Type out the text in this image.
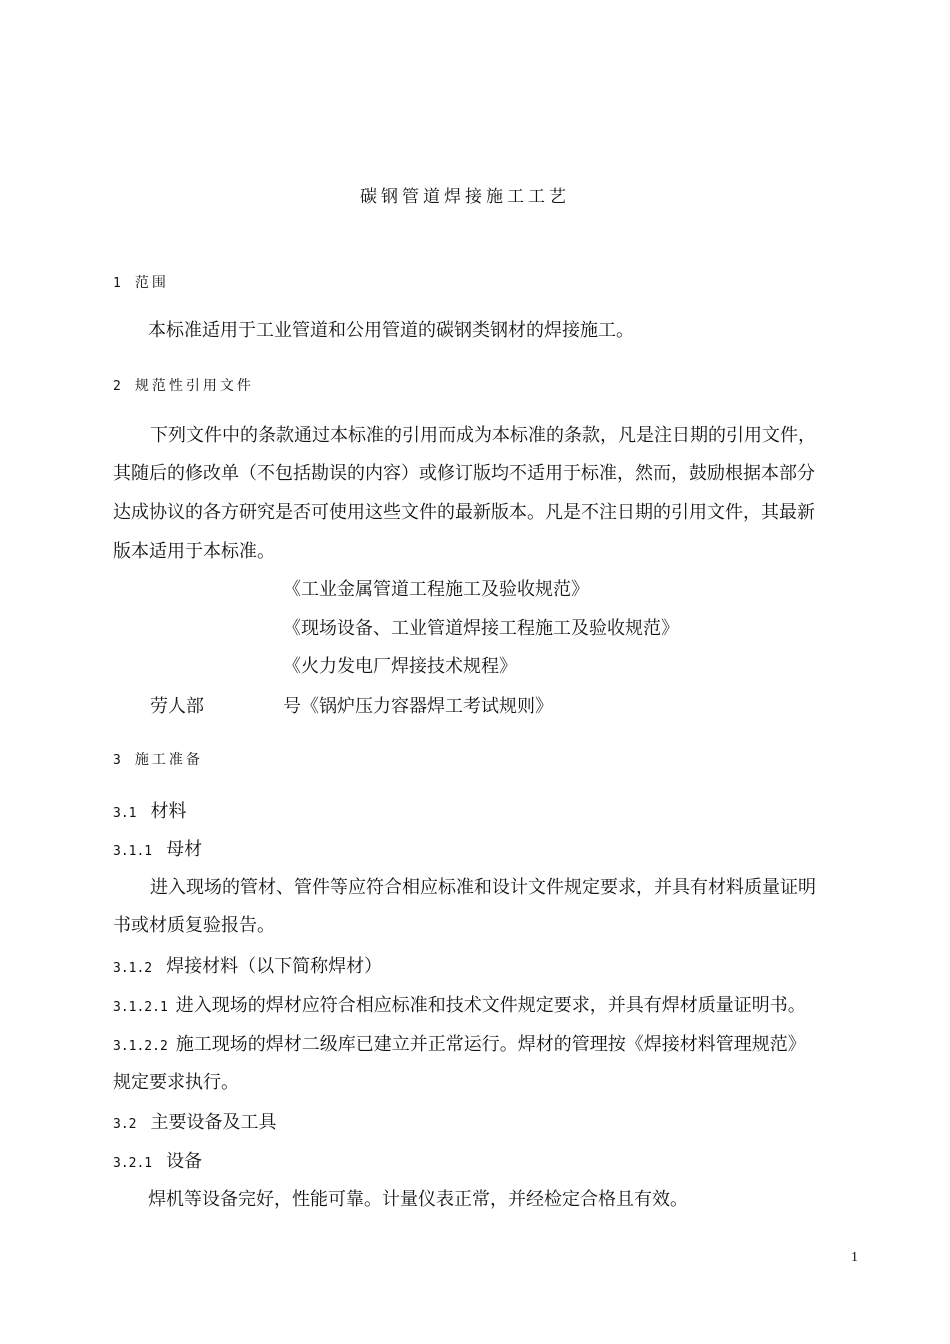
碳钢管道焊接施工工艺
1 范围
本标准适用于工业管道和公用管道的碳钢类钢材的焊接施工。
2 规范性引用文件
下列文件中的条款通过本标准的引用而成为本标准的条款，凡是注日期的引用文件，
其随后的修改单（不包括勘误的内容）或修订版均不适用于标准，然而，鼓励根据本部分
达成协议的各方研究是否可使用这些文件的最新版本。凡是不注日期的引用文件，其最新
版本适用于本标准。
《工业金属管道工程施工及验收规范》
《现场设备、工业管道焊接工程施工及验收规范》
《火力发电厂焊接技术规程》
劳人部	号《锅炉压力容器焊工考试规则》
3 施工准备
3.1 材料
3.1.1 母材
进入现场的管材、管件等应符合相应标准和设计文件规定要求，并具有材料质量证明
书或材质复验报告。
3.1.2 焊接材料（以下简称焊材）
3.1.2.1 进入现场的焊材应符合相应标准和技术文件规定要求，并具有焊材质量证明书。
3.1.2.2 施工现场的焊材二级库已建立并正常运行。焊材的管理按《焊接材料管理规范》
规定要求执行。
3.2 主要设备及工具
3.2.1 设备
焊机等设备完好，性能可靠。计量仪表正常，并经检定合格且有效。
1
